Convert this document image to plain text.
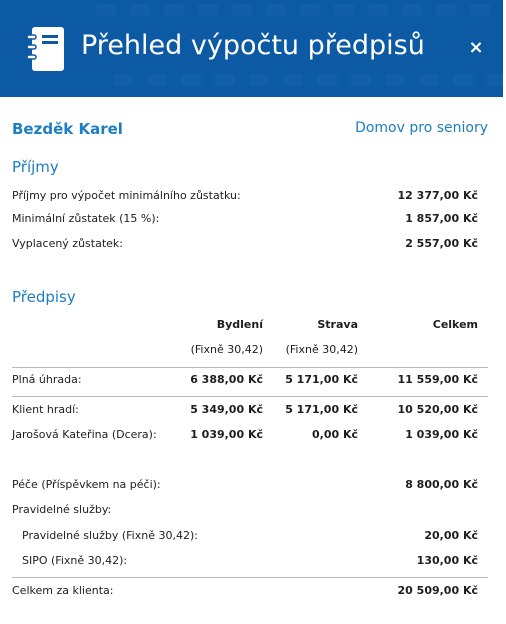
Přehled výpočtu předpisů ×
Bezděk Karel	Domov pro seniory
Příjmy
Příjmy pro výpočet minimálního zůstatku:	12 377,00 Kč
Minimální zůstatek (15 %):	1 857,00 Kč
Vyplacený zůstatek:	2 557,00 Kč
Předpisy
Bydlení	Strava	Celkem
(Fixně 30,42) (Fixně 30,42)
Plná úhrada:	6 388,00 Kč 5 171,00 Kč	11 559,00 Kč
Klient hradí:	5 349,00 Kč 5 171,00 Kč	10 520,00 Kč
Jarošová Kateřina (Dcera):	1 039,00 Kč	0,00 Kč	1 039,00 Kč
Péče (Příspěvkem na péči):	8 800,00 Kč
Pravidelné služby:
Pravidelné služby (Fixně 30,42):	20,00 Kč
SIPO (Fixně 30,42):	130,00 Kč
Celkem za klienta:	20 509,00 Kč
